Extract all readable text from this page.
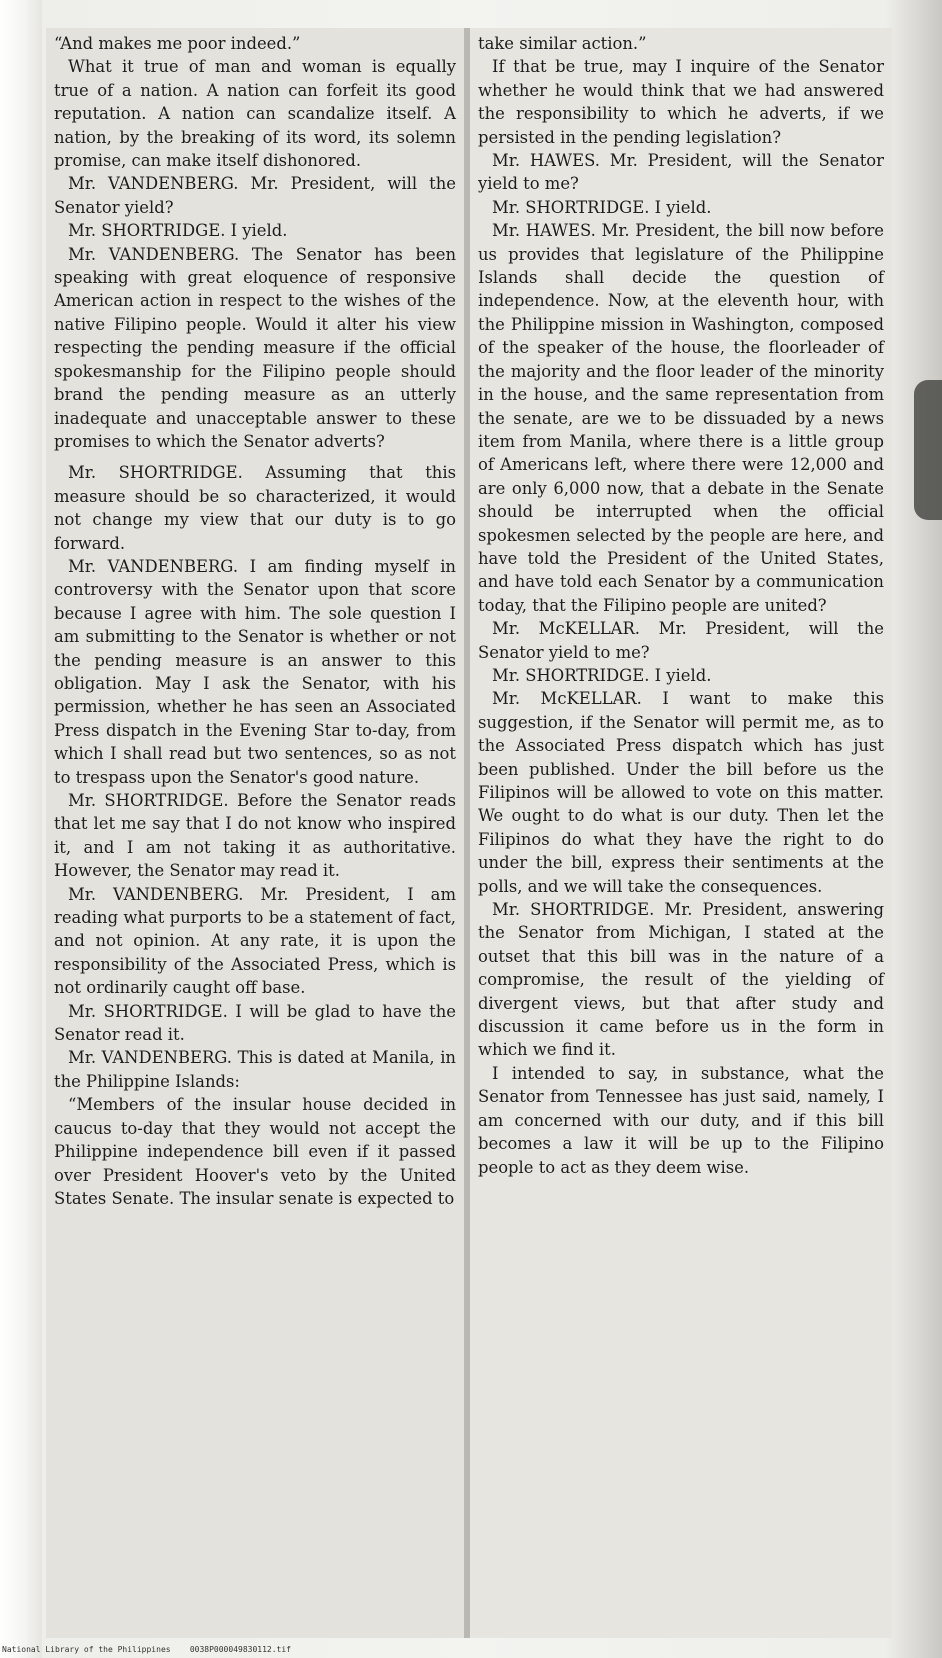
“And makes me poor indeed.”

What it true of man and woman is equally true of a nation. A nation can forfeit its good reputation. A nation can scandalize itself. A nation, by the breaking of its word, its solemn promise, can make itself dishonored.

Mr. VANDENBERG. Mr. President, will the Senator yield?

Mr. SHORTRIDGE. I yield.

Mr. VANDENBERG. The Senator has been speaking with great eloquence of responsive American action in respect to the wishes of the native Filipino people. Would it alter his view respecting the pending measure if the official spokesmanship for the Filipino people should brand the pending measure as an utterly inadequate and unacceptable answer to these promises to which the Senator adverts?

Mr. SHORTRIDGE. Assuming that this measure should be so characterized, it would not change my view that our duty is to go forward.

Mr. VANDENBERG. I am finding myself in controversy with the Senator upon that score because I agree with him. The sole question I am submitting to the Senator is whether or not the pending measure is an answer to this obligation. May I ask the Senator, with his permission, whether he has seen an Associated Press dispatch in the Evening Star to-day, from which I shall read but two sentences, so as not to trespass upon the Senator's good nature.

Mr. SHORTRIDGE. Before the Senator reads that let me say that I do not know who inspired it, and I am not taking it as authoritative. However, the Senator may read it.

Mr. VANDENBERG. Mr. President, I am reading what purports to be a statement of fact, and not opinion. At any rate, it is upon the responsibility of the Associated Press, which is not ordinarily caught off base.

Mr. SHORTRIDGE. I will be glad to have the Senator read it.

Mr. VANDENBERG. This is dated at Manila, in the Philippine Islands:

“Members of the insular house decided in caucus to-day that they would not accept the Philippine independence bill even if it passed over President Hoover's veto by the United States Senate. The insular senate is expected to

take similar action.”

If that be true, may I inquire of the Senator whether he would think that we had answered the responsibility to which he adverts, if we persisted in the pending legislation?

Mr. HAWES. Mr. President, will the Senator yield to me?

Mr. SHORTRIDGE. I yield.

Mr. HAWES. Mr. President, the bill now before us provides that legislature of the Philippine Islands shall decide the question of independence. Now, at the eleventh hour, with the Philippine mission in Washington, composed of the speaker of the house, the floorleader of the majority and the floor leader of the minority in the house, and the same representation from the senate, are we to be dissuaded by a news item from Manila, where there is a little group of Americans left, where there were 12,000 and are only 6,000 now, that a debate in the Senate should be interrupted when the official spokesmen selected by the people are here, and have told the President of the United States, and have told each Senator by a communication today, that the Filipino people are united?

Mr. McKELLAR. Mr. President, will the Senator yield to me?

Mr. SHORTRIDGE. I yield.

Mr. McKELLAR. I want to make this suggestion, if the Senator will permit me, as to the Associated Press dispatch which has just been published. Under the bill before us the Filipinos will be allowed to vote on this matter. We ought to do what is our duty. Then let the Filipinos do what they have the right to do under the bill, express their sentiments at the polls, and we will take the consequences.

Mr. SHORTRIDGE. Mr. President, answering the Senator from Michigan, I stated at the outset that this bill was in the nature of a compromise, the result of the yielding of divergent views, but that after study and discussion it came before us in the form in which we find it.

I intended to say, in substance, what the Senator from Tennessee has just said, namely, I am concerned with our duty, and if this bill becomes a law it will be up to the Filipino people to act as they deem wise.

National Library of the Philippines    0038P000049830112.tif
